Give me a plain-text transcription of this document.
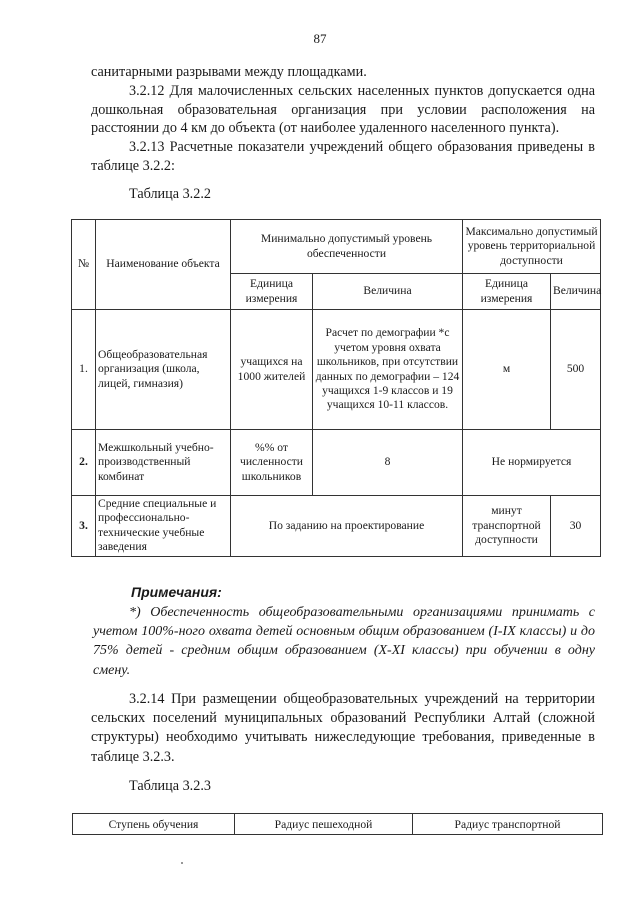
87

санитарными разрывами между площадками.

3.2.12 Для малочисленных сельских населенных пунктов допускается одна дошкольная образовательная организация при условии расположения на расстоянии до 4 км до объекта (от наиболее удаленного населенного пункта).

3.2.13 Расчетные показатели учреждений общего образования приведены в таблице 3.2.2:

Таблица 3.2.2
№	Наименование объекта	Минимально допустимый уровень обеспеченности		Максимально допустимый уровень территориальной доступности	
		Единица измерения	Величина	Единица измерения	Величина
1.	Общеобразовательная организация (школа, лицей, гимназия)	учащихся на 1000 жителей	Расчет по демографии *с учетом уровня охвата школьников, при отсутствии данных по демографии – 124 учащихся 1-9 классов и 19 учащихся 10-11 классов.	м	500
2.	Межшкольный учебно-производственный комбинат	%% от численности школьников	8	Не нормируется	
3.	Средние специальные и профессионально-технические учебные заведения	По заданию на проектирование		минут транспортной доступности	30
Примечания:

*) Обеспеченность общеобразовательными организациями принимать с учетом 100%-ного охвата детей основным общим образованием (I-IX классы) и до 75% детей - средним общим образованием (X-XI классы) при обучении в одну смену.

3.2.14 При размещении общеобразовательных учреждений на территории сельских поселений муниципальных образований Республики Алтай (сложной структуры) необходимо учитывать нижеследующие требования, приведенные в таблице 3.2.3.

Таблица 3.2.3
Ступень обучения	Радиус пешеходной	Радиус транспортной
